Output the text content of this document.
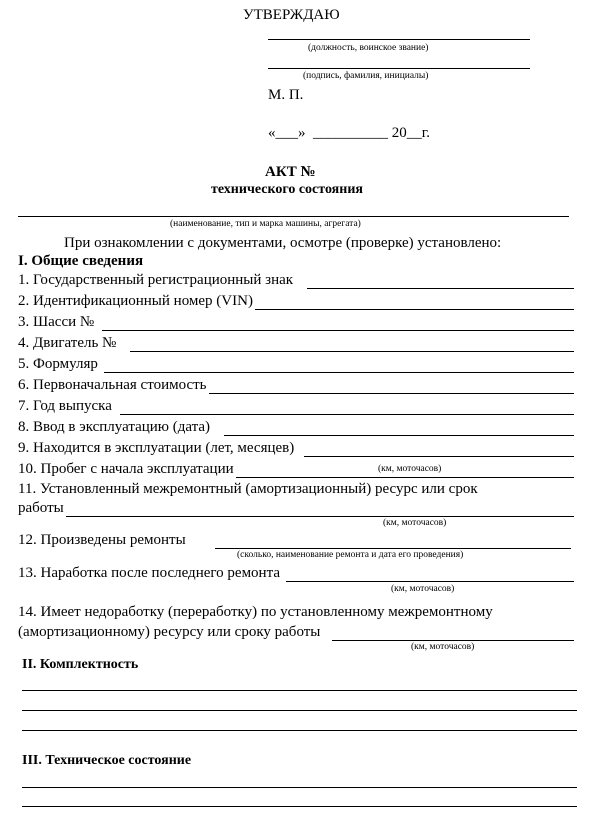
УТВЕРЖДАЮ
(должность, воинское звание)
(подпись, фамилия, инициалы)
М. П.
«___» __________ 20__г.
АКТ №
технического состояния
(наименование, тип и марка машины, агрегата)
При ознакомлении с документами, осмотре (проверке) установлено:
I. Общие сведения
1. Государственный регистрационный знак
2. Идентификационный номер (VIN)
3. Шасси №
4. Двигатель №
5. Формуляр
6. Первоначальная стоимость
7. Год выпуска
8. Ввод в эксплуатацию (дата)
9. Находится в эксплуатации (лет, месяцев)
10. Пробег с начала эксплуатации	(км, моточасов)
11. Установленный межремонтный (амортизационный) ресурс или срок
работы
(км, моточасов)
12. Произведены ремонты
(сколько, наименование ремонта и дата его проведения)
13. Наработка после последнего ремонта
(км, моточасов)
14. Имеет недоработку (переработку) по установленному межремонтному
(амортизационному) ресурсу или сроку работы
(км, моточасов)
II. Комплектность
III. Техническое состояние
